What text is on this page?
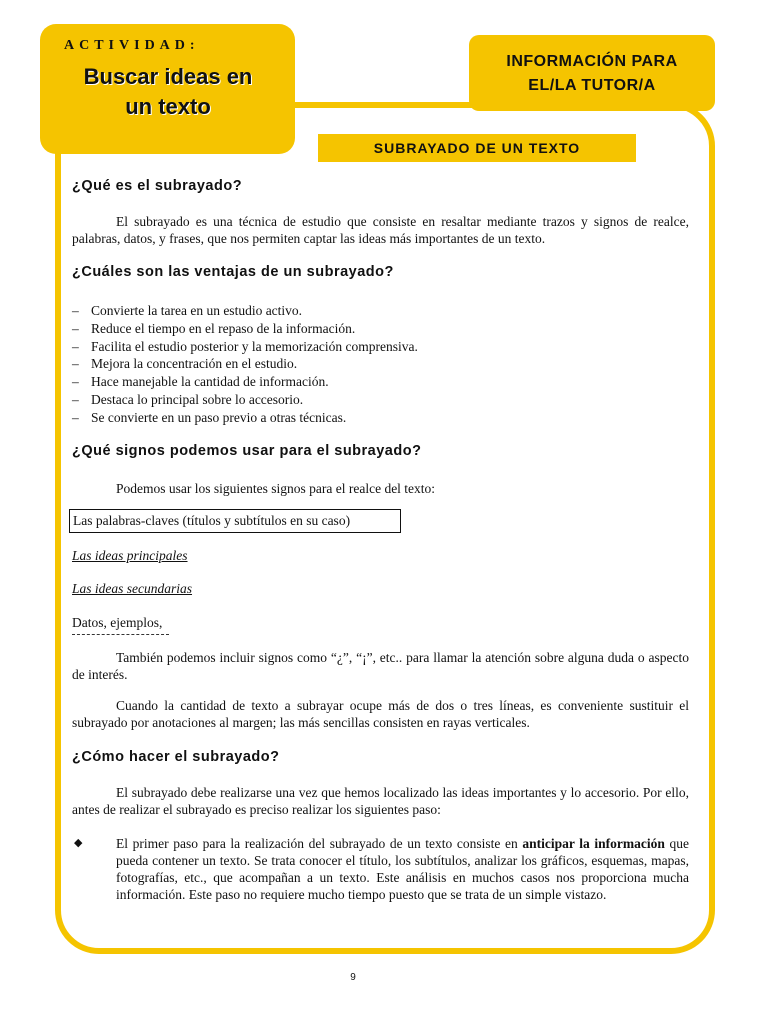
ACTIVIDAD:
Buscar ideas en un texto
INFORMACIÓN PARA EL/LA TUTOR/A
SUBRAYADO DE UN TEXTO
¿Qué es el subrayado?

El subrayado es una técnica de estudio que consiste en resaltar mediante trazos y signos de realce, palabras, datos, y frases, que nos permiten captar las ideas más importantes de un texto.

¿Cuáles son las ventajas de un subrayado?
– Convierte la tarea en un estudio activo.
– Reduce el tiempo en el repaso de la información.
– Facilita el estudio posterior y la memorización comprensiva.
– Mejora la concentración en el estudio.
– Hace manejable la cantidad de información.
– Destaca lo principal sobre lo accesorio.
– Se convierte en un paso previo a otras técnicas.
¿Qué signos podemos usar para el subrayado?

Podemos usar los siguientes signos para el realce del texto:

Las palabras-claves (títulos y subtítulos en su caso)

Las ideas principales

Las ideas secundarias

Datos, ejemplos,

También podemos incluir signos como “¿”, “¡”, etc.. para llamar la atención sobre alguna duda o aspecto de interés.

Cuando la cantidad de texto a subrayar ocupe más de dos o tres líneas, es conveniente sustituir el subrayado por anotaciones al margen; las más sencillas consisten en rayas verticales.

¿Cómo hacer el subrayado?

El subrayado debe realizarse una vez que hemos localizado las ideas importantes y lo accesorio. Por ello, antes de realizar el subrayado es preciso realizar los siguientes paso:

◆ El primer paso para la realización del subrayado de un texto consiste en anticipar la información que pueda contener un texto. Se trata conocer el título, los subtítulos, analizar los gráficos, esquemas, mapas, fotografías, etc., que acompañan a un texto. Este análisis en muchos casos nos proporciona mucha información. Este paso no requiere mucho tiempo puesto que se trata de un simple vistazo.

9
